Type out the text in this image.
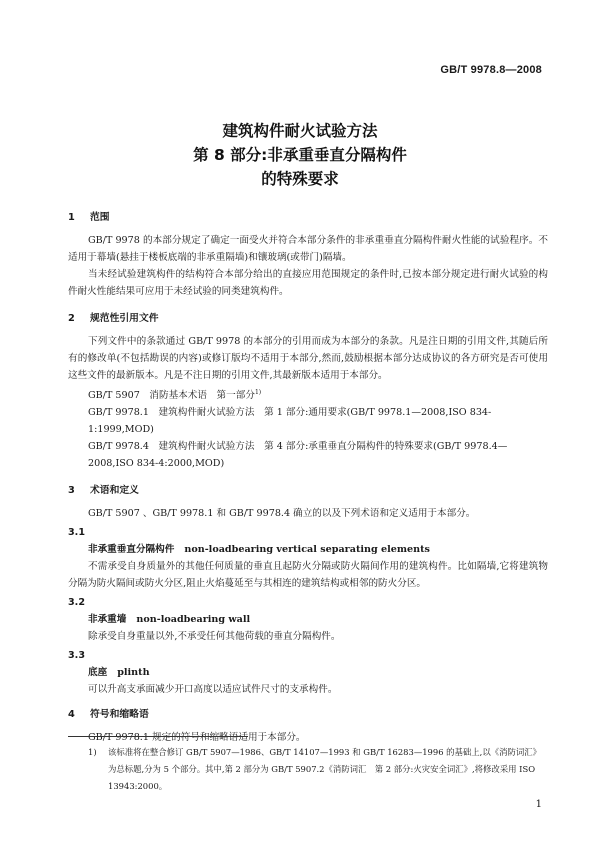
GB/T 9978.8—2008
建筑构件耐火试验方法
第 8 部分:非承重垂直分隔构件
的特殊要求
1 范围

GB/T 9978 的本部分规定了确定一面受火并符合本部分条件的非承重垂直分隔构件耐火性能的试验程序。不适用于幕墙(悬挂于楼板底端的非承重隔墙)和镶玻璃(或带门)隔墙。

当未经试验建筑构件的结构符合本部分给出的直接应用范围规定的条件时,已按本部分规定进行耐火试验的构件耐火性能结果可应用于未经试验的同类建筑构件。

2 规范性引用文件

下列文件中的条款通过 GB/T 9978 的本部分的引用而成为本部分的条款。凡是注日期的引用文件,其随后所有的修改单(不包括勘误的内容)或修订版均不适用于本部分,然而,鼓励根据本部分达成协议的各方研究是否可使用这些文件的最新版本。凡是不注日期的引用文件,其最新版本适用于本部分。

GB/T 5907　消防基本术语　第一部分$^{1)}$

GB/T 9978.1　建筑构件耐火试验方法　第 1 部分:通用要求(GB/T 9978.1—2008,ISO 834-1:1999,MOD)

GB/T 9978.4　建筑构件耐火试验方法　第 4 部分:承重垂直分隔构件的特殊要求(GB/T 9978.4—2008,ISO 834-4:2000,MOD)

3 术语和定义

GB/T 5907 、GB/T 9978.1 和 GB/T 9978.4 确立的以及下列术语和定义适用于本部分。

3.1

非承重垂直分隔构件 non-loadbearing vertical separating elements

不需承受自身质量外的其他任何质量的垂直且起防火分隔或防火隔间作用的建筑构件。比如隔墙,它将建筑物分隔为防火隔间或防火分区,阻止火焰蔓延至与其相连的建筑结构或相邻的防火分区。

3.2

非承重墙 non-loadbearing wall

除承受自身重量以外,不承受任何其他荷载的垂直分隔构件。

3.3

底座 plinth

可以升高支承面减少开口高度以适应试件尺寸的支承构件。

4 符号和缩略语

GB/T 9978.1 规定的符号和缩略语适用于本部分。

1) 该标准将在整合修订 GB/T 5907—1986、GB/T 14107—1993 和 GB/T 16283—1996 的基础上,以《消防词汇》为总标题,分为 5 个部分。其中,第 2 部分为 GB/T 5907.2《消防词汇　第 2 部分:火灾安全词汇》,将修改采用 ISO 13943:2000。
1
